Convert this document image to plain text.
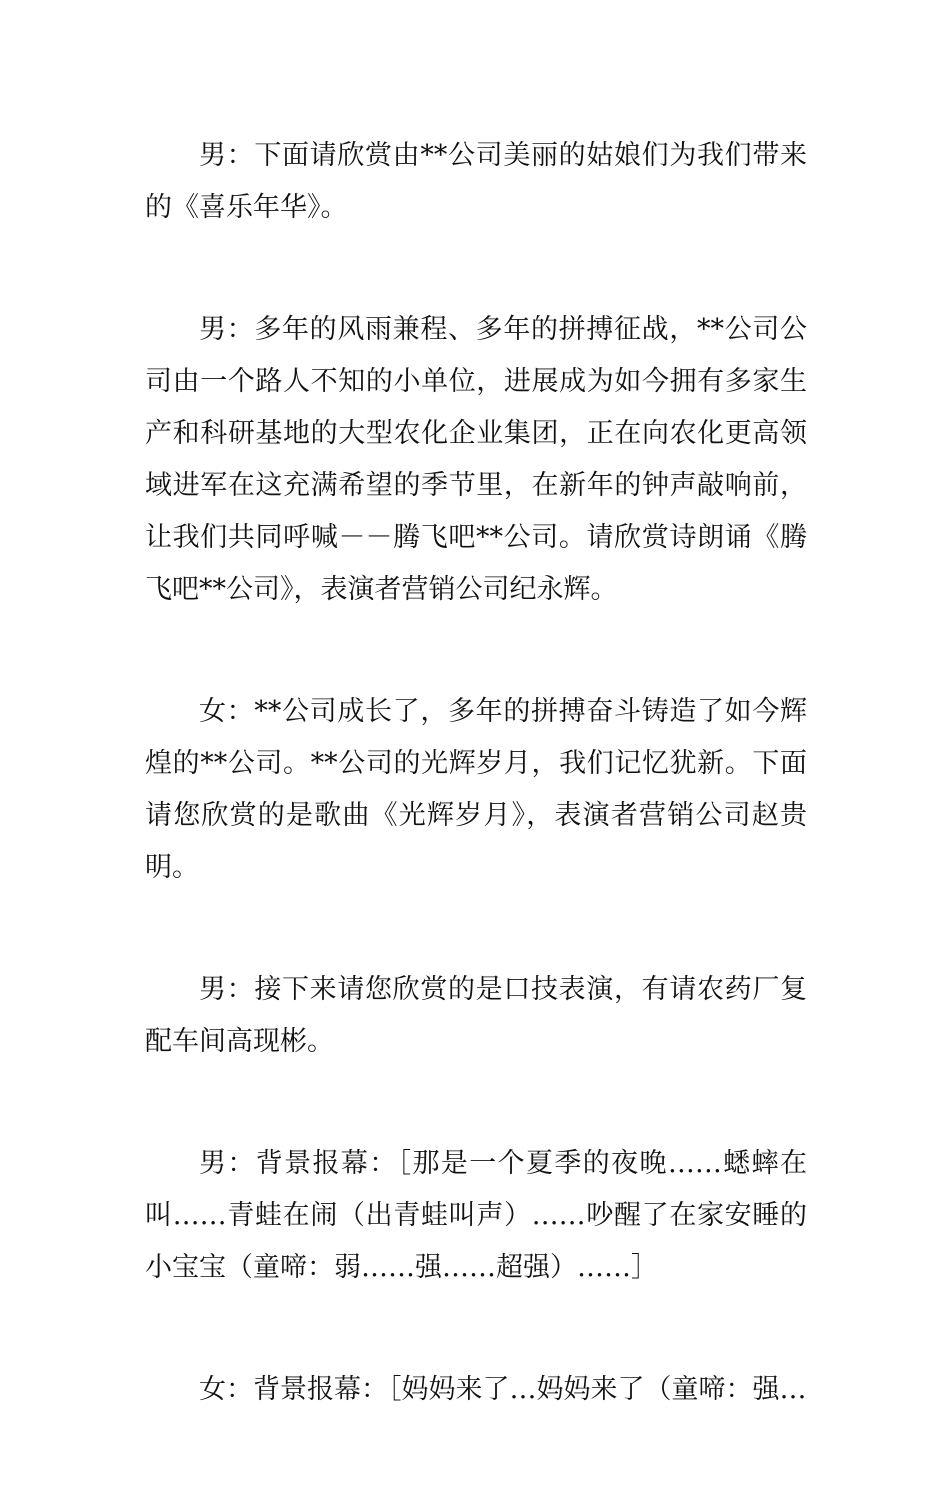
男：下面请欣赏由**公司美丽的姑娘们为我们带来的《喜乐年华》。

男：多年的风雨兼程、多年的拼搏征战，**公司公司由一个路人不知的小单位，进展成为如今拥有多家生产和科研基地的大型农化企业集团，正在向农化更高领域进军在这充满希望的季节里，在新年的钟声敲响前，让我们共同呼喊－－腾飞吧**公司。请欣赏诗朗诵《腾飞吧**公司》，表演者营销公司纪永辉。

女：**公司成长了，多年的拼搏奋斗铸造了如今辉煌的**公司。**公司的光辉岁月，我们记忆犹新。下面请您欣赏的是歌曲《光辉岁月》，表演者营销公司赵贵明。

男：接下来请您欣赏的是口技表演，有请农药厂复配车间高现彬。

男：背景报幕：［那是一个夏季的夜晚……蟋蟀在叫……青蛙在闹（出青蛙叫声）……吵醒了在家安睡的小宝宝（童啼：弱……强……超强）……］

女：背景报幕：［妈妈来了…妈妈来了（童啼：强…
